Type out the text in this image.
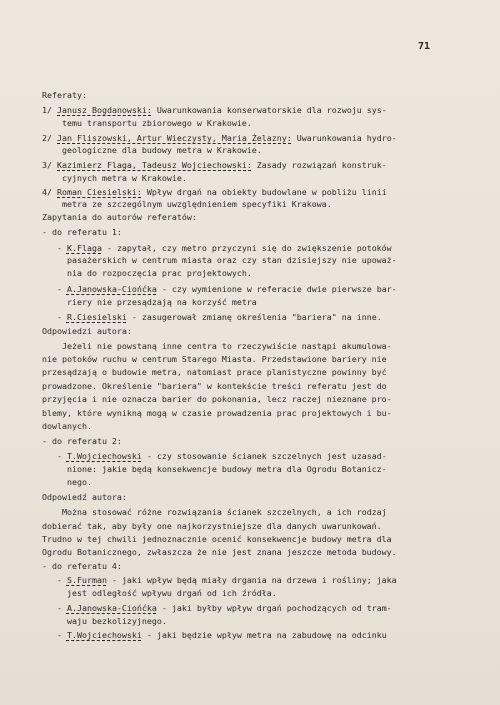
71
Referaty:
1/ Janusz Bogdanowski: Uwarunkowania konserwatorskie dla rozwoju sys-
temu transportu zbiorowego w Krakowie.
2/ Jan Fliszowski, Artur Wieczysty, Maria Żelazny: Uwarunkowania hydro-
geologiczne dla budowy metra w Krakowie.
3/ Kazimierz Flaga, Tadeusz Wojciechowski: Zasady rozwiązań konstruk-
cyjnych metra w Krakowie.
4/ Roman Ciesielski: Wpływ drgań na obiekty budowlane w pobliżu linii
metra ze szczególnym uwzględnieniem specyfiki Krakowa.
Zapytania do autorów referatów:
- do referatu 1:
- K.Flaga - zapytał, czy metro przyczyni się do zwiększenie potoków
pasażerskich w centrum miasta oraz czy stan dzisiejszy nie upoważ-
nia do rozpoczęcia prac projektowych.
- A.Janowska-Ciońćka - czy wymienione w referacie dwie pierwsze bar-
riery nie przesądzają na korzyść metra
- R.Ciesielski - zasugerował zmianę określenia "bariera" na inne.
Odpowiedzi autora:
Jeżeli nie powstaną inne centra to rzeczywiście nastąpi akumulowa-
nie potoków ruchu w centrum Starego Miasta. Przedstawione bariery nie
przesądzają o budowie metra, natomiast prace planistyczne powinny być
prowadzone. Określenie "bariera" w kontekście treści referatu jest do
przyjęcia i nie oznacza barier do pokonania, lecz raczej nieznane pro-
blemy, które wynikną mogą w czasie prowadzenia prac projektowych i bu-
dowlanych.
- do referatu 2:
- T.Wojciechowski - czy stosowanie ścianek szczelnych jest uzasad-
nione: jakie będą konsekwencje budowy metra dla Ogrodu Botanicz-
nego.
Odpowiedź autora:
Można stosować różne rozwiązania ścianek szczelnych, a ich rodzaj
dobierać tak, aby były one najkorzystniejsze dla danych uwarunkowań.
Trudno w tej chwili jednoznacznie ocenić konsekwencje budowy metra dla
Ogrodu Botanicznego, zwłaszcza że nie jest znana jeszcze metoda budowy.
- do referatu 4:
- S.Furman - jaki wpływ będą miały drgania na drzewa i rośliny; jaka
jest odległość wpływu drgań od ich źródła.
- A.Janowska-Ciońćka - jaki byłby wpływ drgań pochodzących od tram-
waju bezkolizyjnego.
- T.Wojciechowski - jaki będzie wpływ metra na zabudowę na odcinku
